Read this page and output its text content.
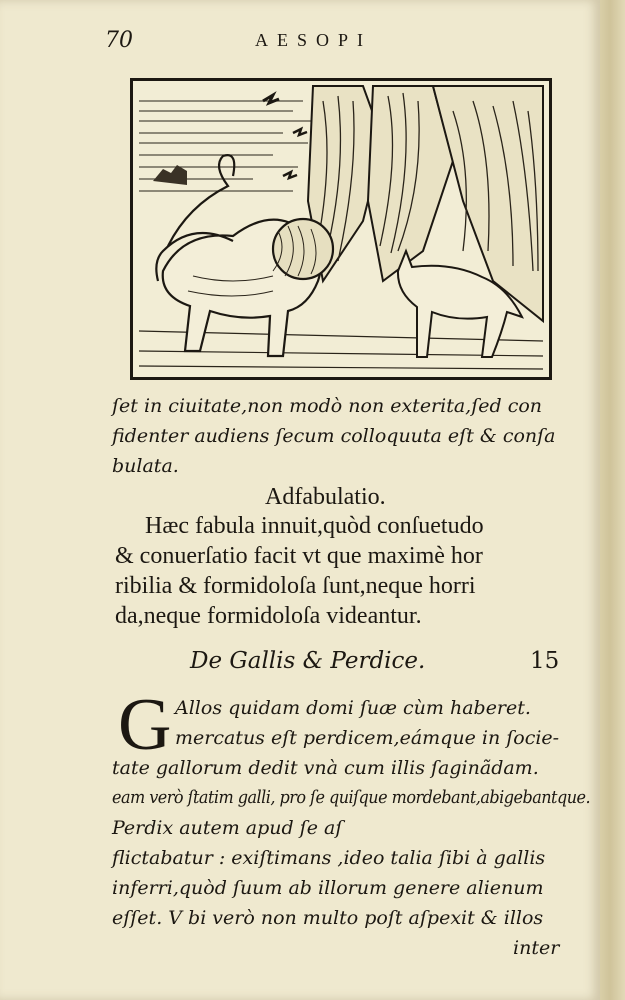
70	AESOPI
ſet in ciuitate,non modò non exterita,ſed con
fidenter audiens ſecum colloquuta eſt & conſa
bulata.
Adfabulatio.
Hæc fabula innuit,quòd conſuetudo
& conuerſatio facit vt que maximè hor
ribilia & formidoloſa ſunt,neque horri
da,neque formidoloſa videantur.
De Gallis & Perdice.	15
G Allos quidam domi ſuæ cùm haberet.
mercatus eſt perdicem,eámque in ſocie-
tate gallorum dedit vnà cum illis ſaginãdam.
eam verò ſtatim galli, pro ſe quiſque mordebant,abigebantque.
Perdix autem apud ſe aſ
flictabatur : exiſtimans ,ideo talia ſibi à gallis
inferri,quòd ſuum ab illorum genere alienum
eſſet. V bi verò non multo poſt aſpexit & illos
inter
